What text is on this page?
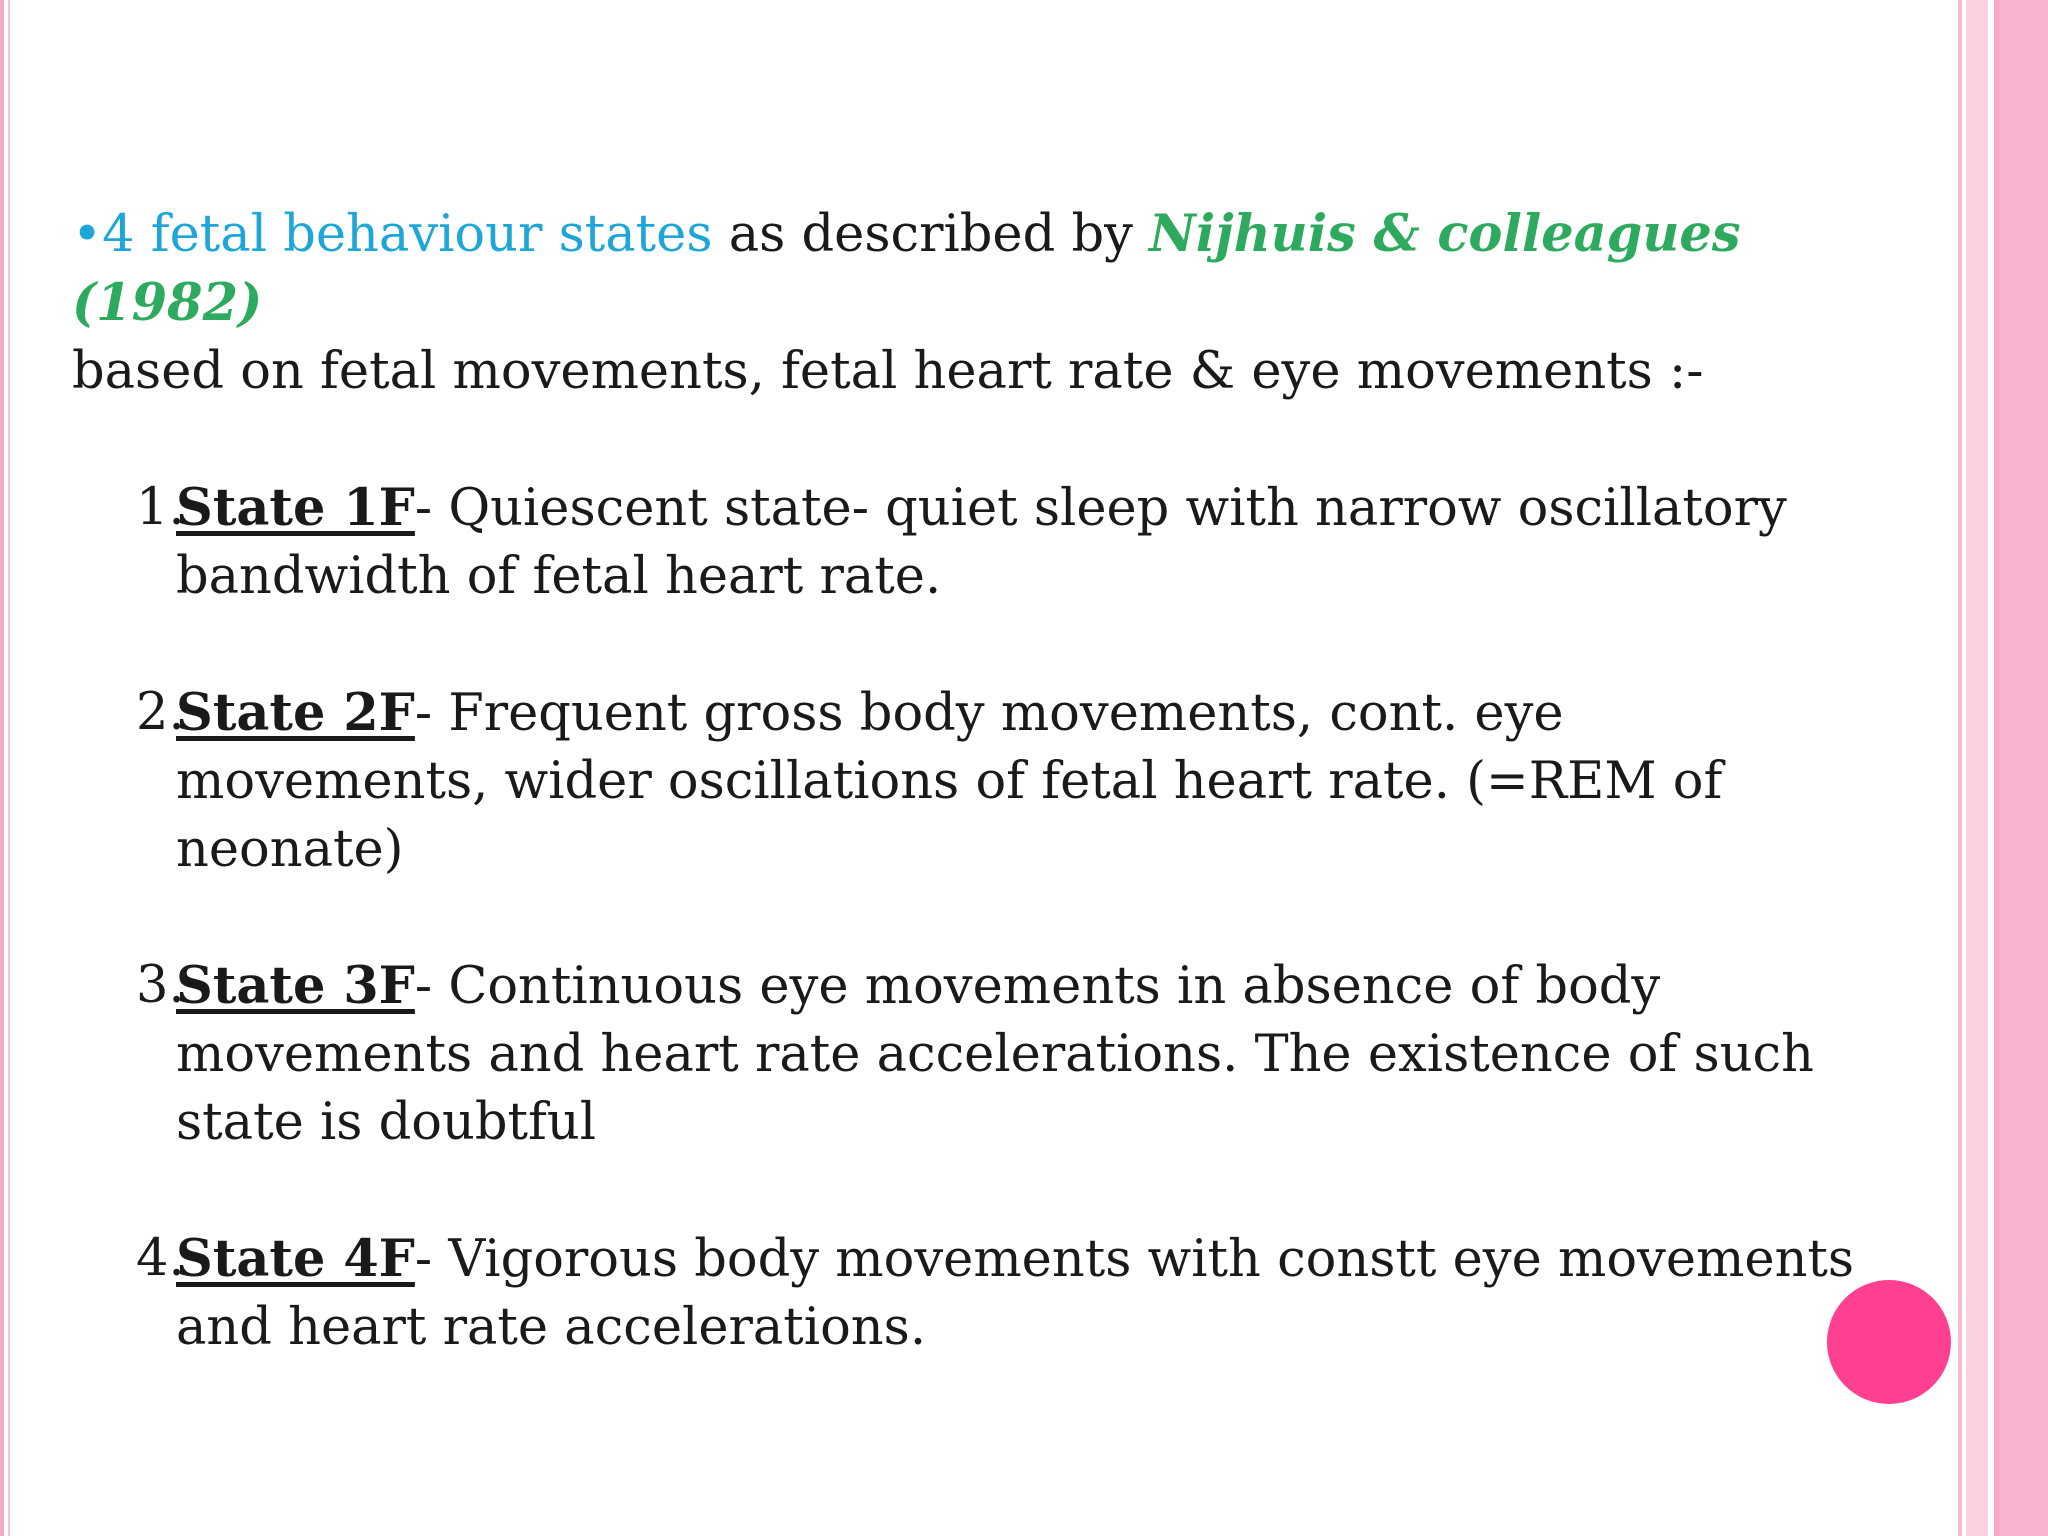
•4 fetal behaviour states as described by Nijhuis & colleagues (1982)
based on fetal movements, fetal heart rate & eye movements :-

1.
State 1F- Quiescent state- quiet sleep with narrow oscillatory
bandwidth of fetal heart rate.
2.
State 2F- Frequent gross body movements, cont. eye
movements, wider oscillations of fetal heart rate. (=REM of neonate)
3.
State 3F- Continuous eye movements in absence of body
movements and heart rate accelerations. The existence of such state is doubtful
4.
State 4F- Vigorous body movements with constt eye movements
and heart rate accelerations.
